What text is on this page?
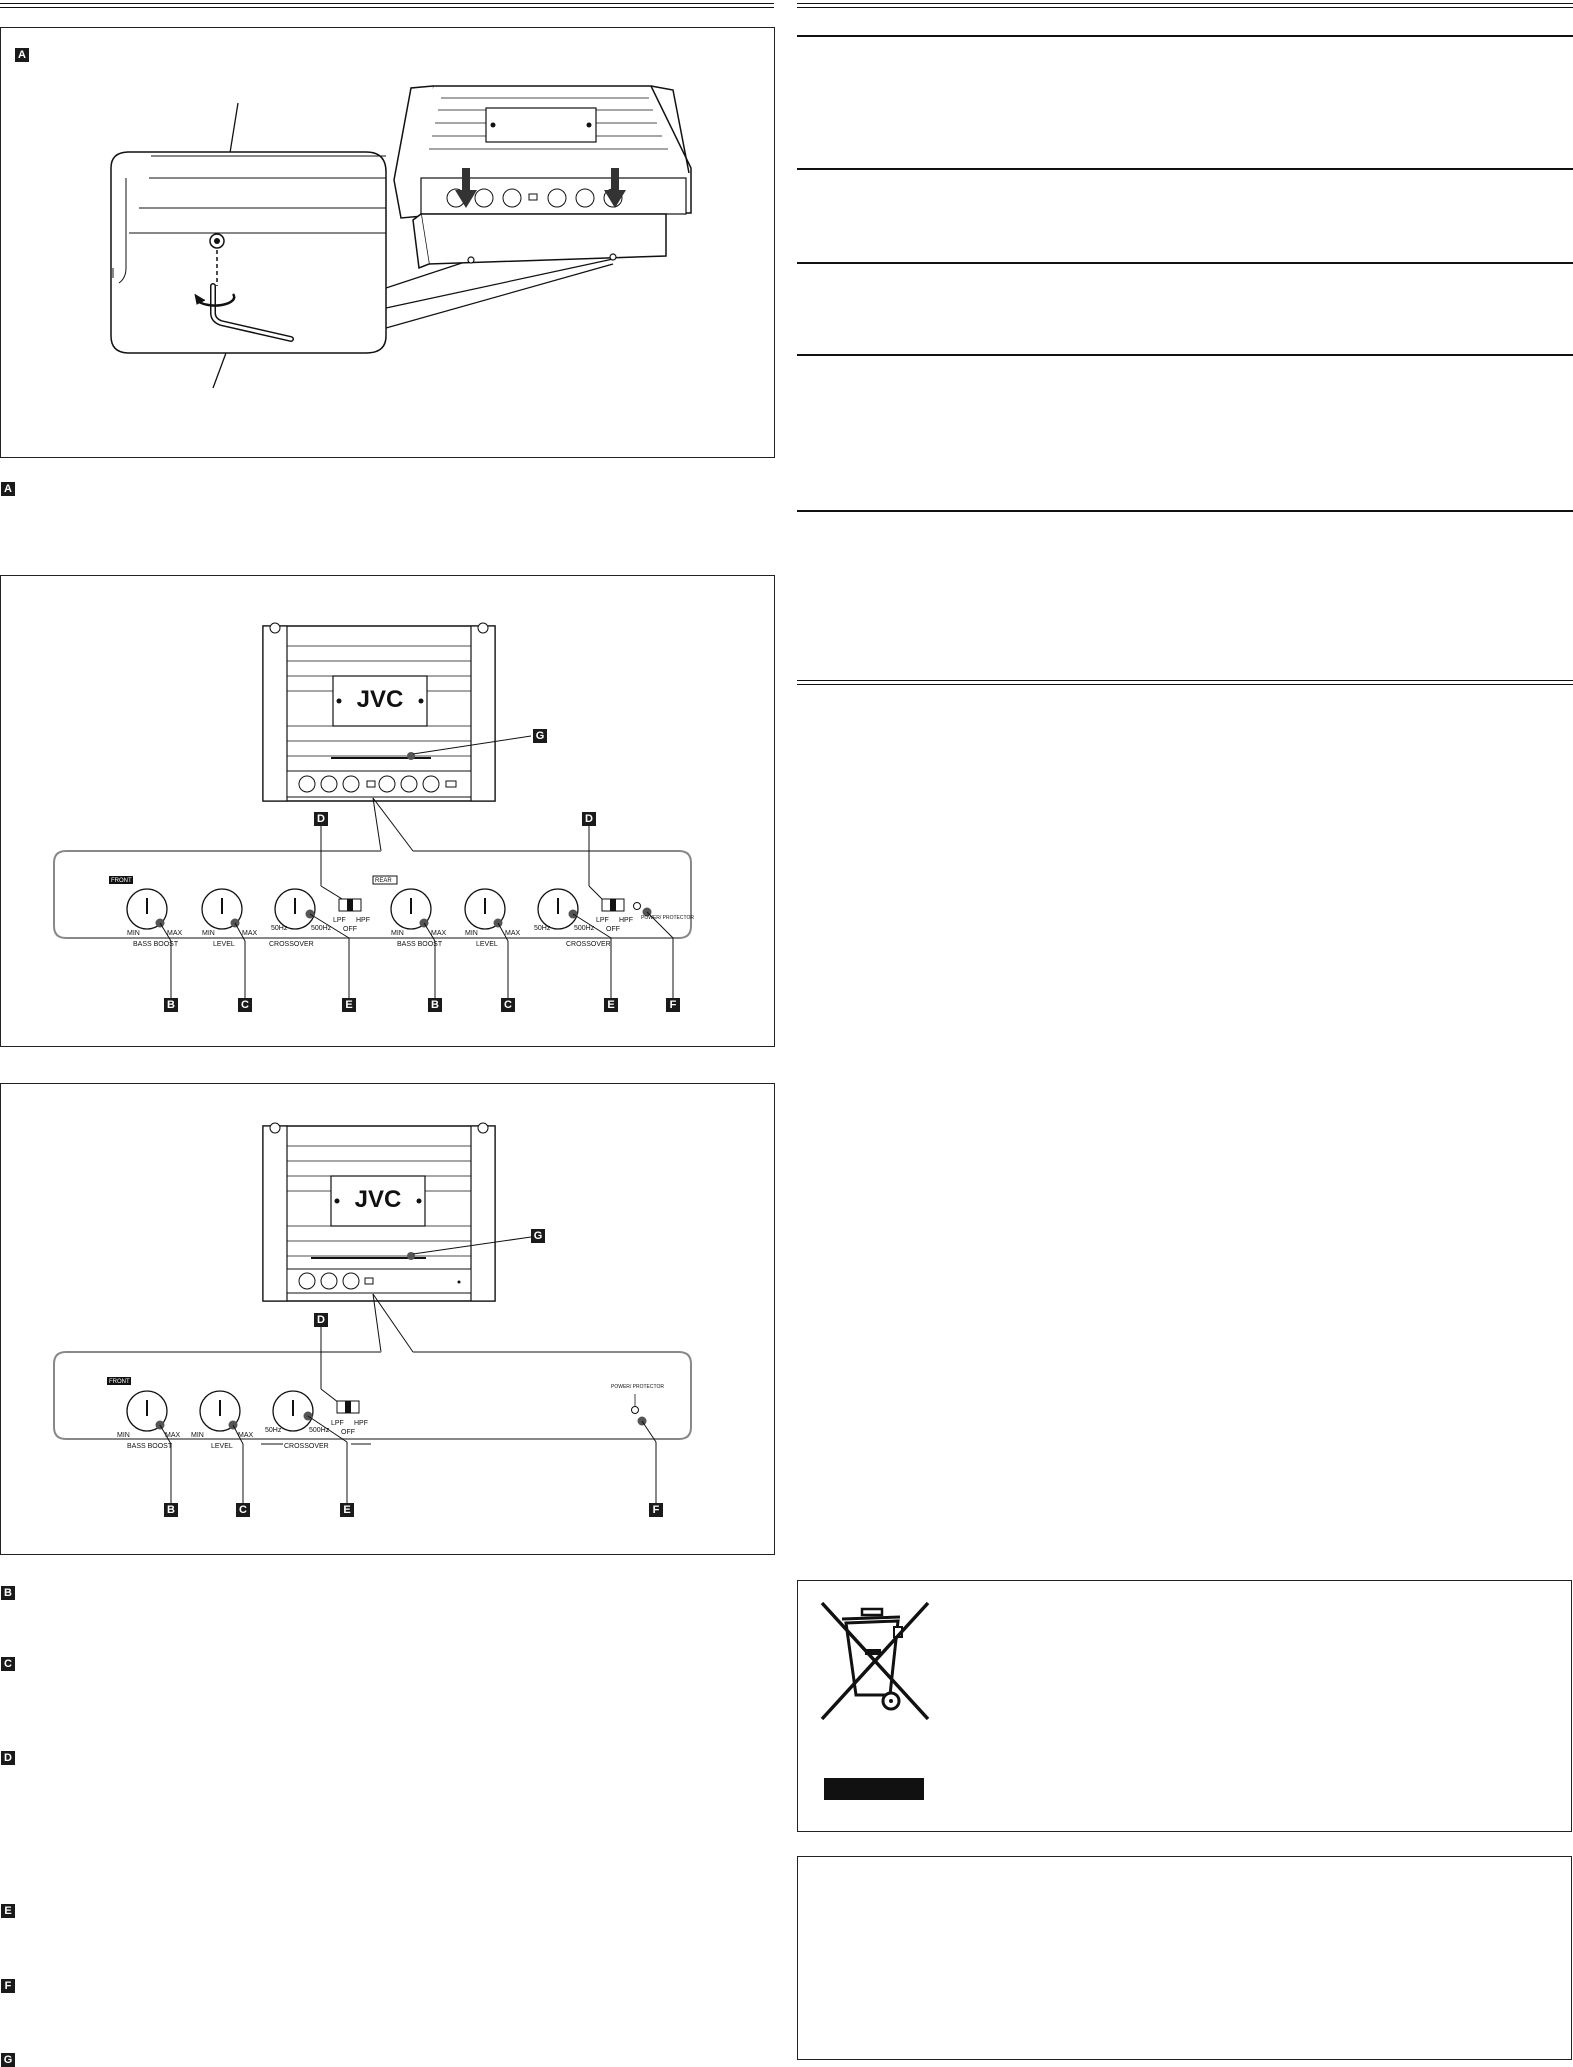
A
A
JVC
MIN	MAX
BASS BOOST
MIN	MAX
LEVEL
50Hz	500Hz
CROSSOVER
LPF
OFF
HPF
MIN	MAX
BASS BOOST
MIN	MAX
LEVEL
50Hz	500Hz
CROSSOVER
LPF
OFF
HPF POWER/ PROTECTOR
FRONT	REAR
D	D
G
B	C	E	B	C	E	F
JVC
MIN	MAX
BASS BOOST
MIN	MAX
LEVEL
50Hz	500Hz
CROSSOVER
LPF
OFF
HPF
POWER/ PROTECTOR
FRONT
D
G
B	C	E	F
B
C
D
E
F
G
